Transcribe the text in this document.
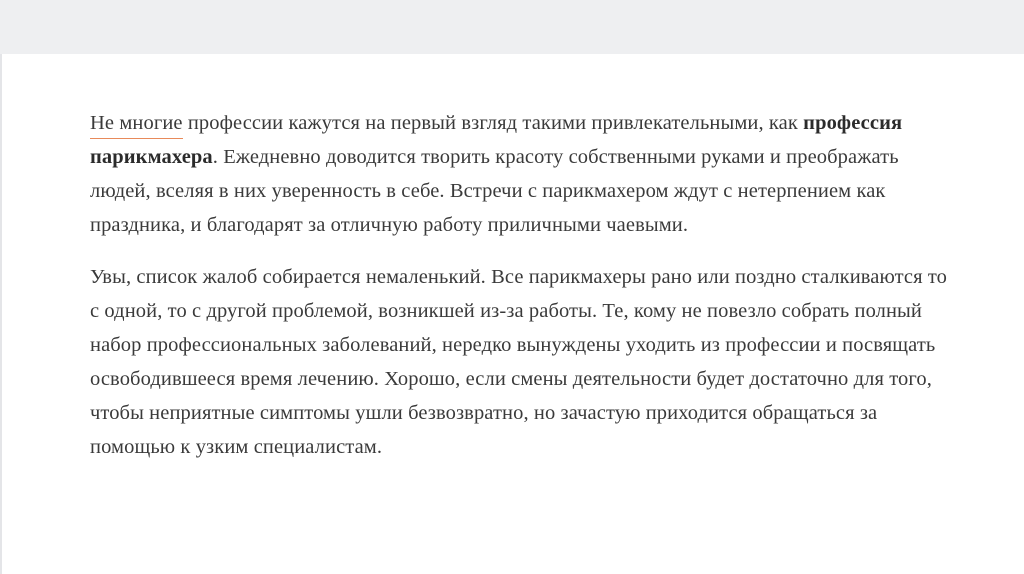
Не многие
профессии кажутся на первый взгляд такими привлекательными, как профессия парикмахера. Ежедневно доводится творить красоту собственными руками и преображать людей, вселяя в них уверенность в себе. Встречи с парикмахером ждут с нетерпением как праздника, и благодарят за отличную работу приличными чаевыми.

Увы, список жалоб собирается немаленький. Все парикмахеры рано или поздно сталкиваются то с одной, то с другой проблемой, возникшей из-за работы. Те, кому не повезло собрать полный набор профессиональных заболеваний, нередко вынуждены уходить из профессии и посвящать освободившееся время лечению. Хорошо, если смены деятельности будет достаточно для того, чтобы неприятные симптомы ушли безвозвратно, но зачастую приходится обращаться за помощью к узким специалистам.
